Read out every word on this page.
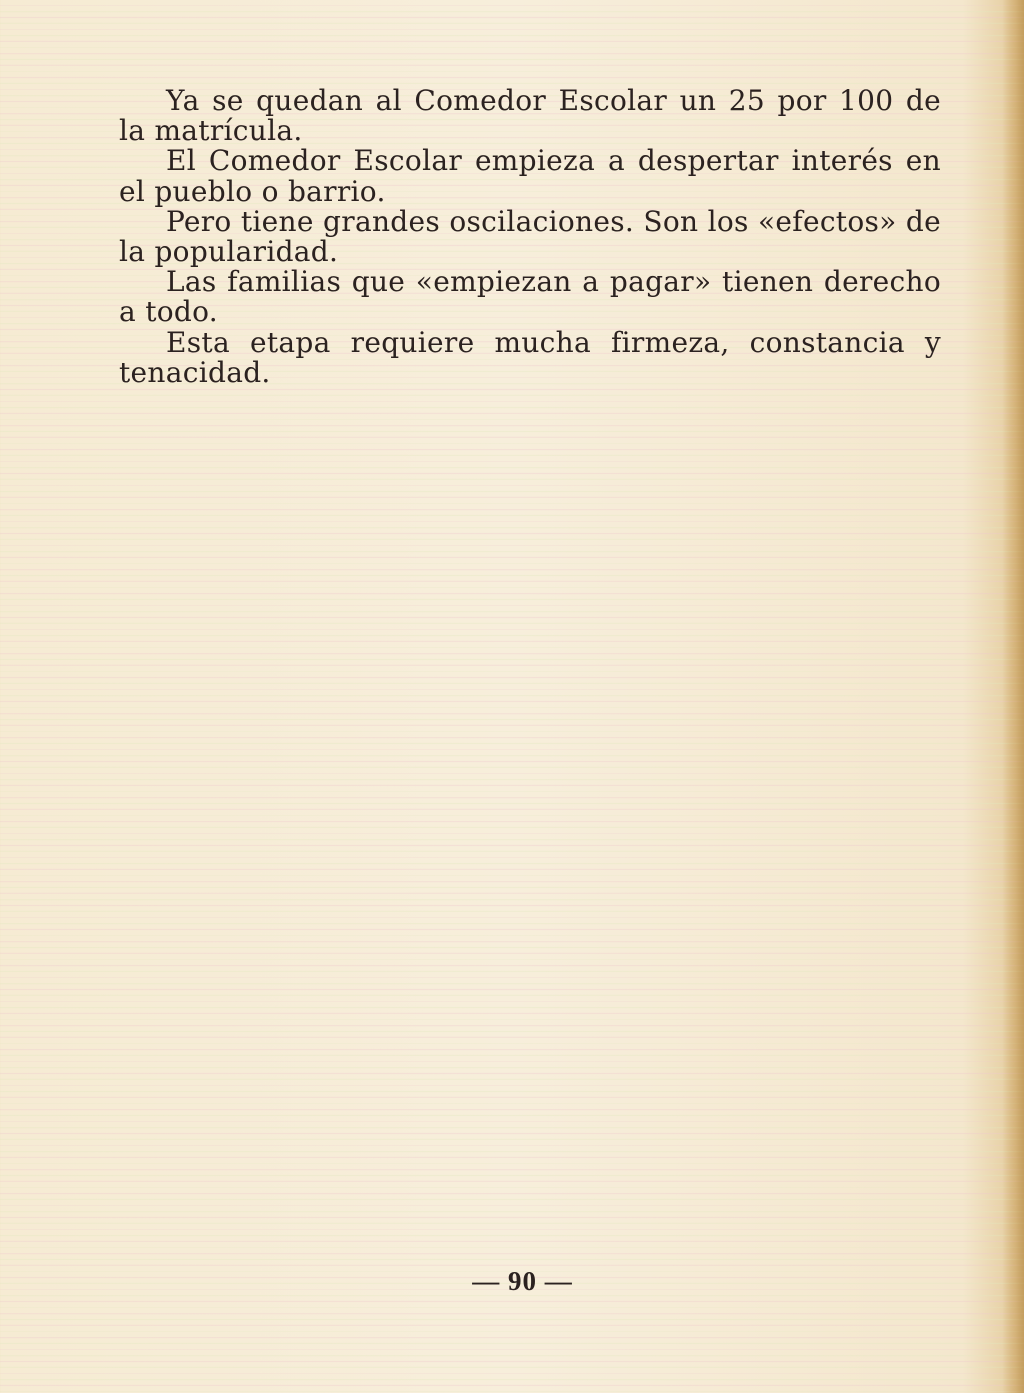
Ya se quedan al Comedor Escolar un 25 por 100 de la matrícula.

El Comedor Escolar empieza a despertar interés en el pueblo o barrio.

Pero tiene grandes oscilaciones. Son los «efectos» de la popularidad.

Las familias que «empiezan a pagar» tienen derecho a todo.

Esta etapa requiere mucha firmeza, constancia y tenacidad.

— 90 —
